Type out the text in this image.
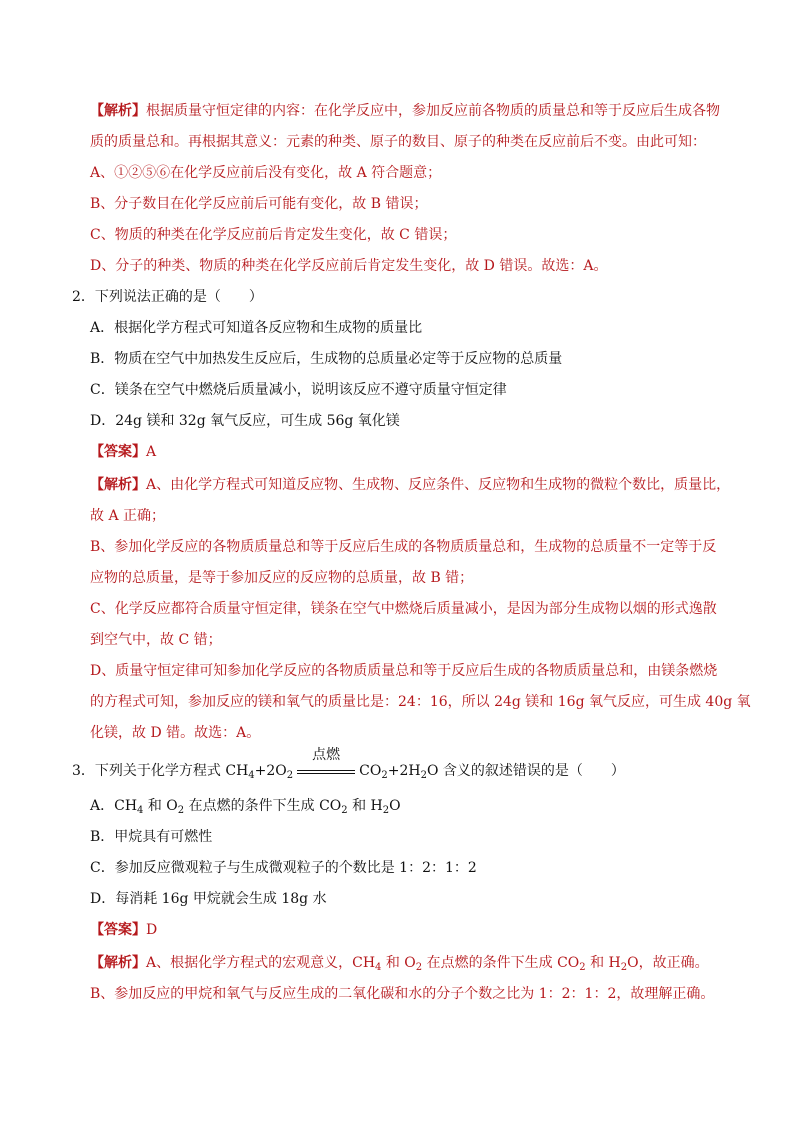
【解析】根据质量守恒定律的内容：在化学反应中，参加反应前各物质的质量总和等于反应后生成各物
质的质量总和。再根据其意义：元素的种类、原子的数目、原子的种类在反应前后不变。由此可知：
A、①②⑤⑥在化学反应前后没有变化，故 A 符合题意；
B、分子数目在化学反应前后可能有变化，故 B 错误；
C、物质的种类在化学反应前后肯定发生变化，故 C 错误；
D、分子的种类、物质的种类在化学反应前后肯定发生变化，故 D 错误。故选：A。
2．下列说法正确的是（　　）
A．根据化学方程式可知道各反应物和生成物的质量比
B．物质在空气中加热发生反应后，生成物的总质量必定等于反应物的总质量
C．镁条在空气中燃烧后质量减小，说明该反应不遵守质量守恒定律
D．24g 镁和 32g 氧气反应，可生成 56g 氧化镁
【答案】A
【解析】A、由化学方程式可知道反应物、生成物、反应条件、反应物和生成物的微粒个数比，质量比，
故 A 正确；
B、参加化学反应的各物质质量总和等于反应后生成的各物质质量总和，生成物的总质量不一定等于反
应物的总质量，是等于参加反应的反应物的总质量，故 B 错；
C、化学反应都符合质量守恒定律，镁条在空气中燃烧后质量减小，是因为部分生成物以烟的形式逸散
到空气中，故 C 错；
D、质量守恒定律可知参加化学反应的各物质质量总和等于反应后生成的各物质质量总和，由镁条燃烧
的方程式可知，参加反应的镁和氧气的质量比是：24：16，所以 24g 镁和 16g 氧气反应，可生成 40g 氧
化镁，故 D 错。故选：A。
3．下列关于化学方程式 $CH_4+2O_2$
点燃
$CO_2+2H_2O$ 含义的叙述错误的是（　　）
A．$CH_4$ 和 $O_2$ 在点燃的条件下生成 $CO_2$ 和 $H_2O$
B．甲烷具有可燃性
C．参加反应微观粒子与生成微观粒子的个数比是 1：2：1：2
D．每消耗 16g 甲烷就会生成 18g 水
【答案】D
【解析】A、根据化学方程式的宏观意义，$CH_4$ 和 $O_2$ 在点燃的条件下生成 $CO_2$ 和 $H_2O$，故正确。
B、参加反应的甲烷和氧气与反应生成的二氧化碳和水的分子个数之比为 1：2：1：2，故理解正确。
